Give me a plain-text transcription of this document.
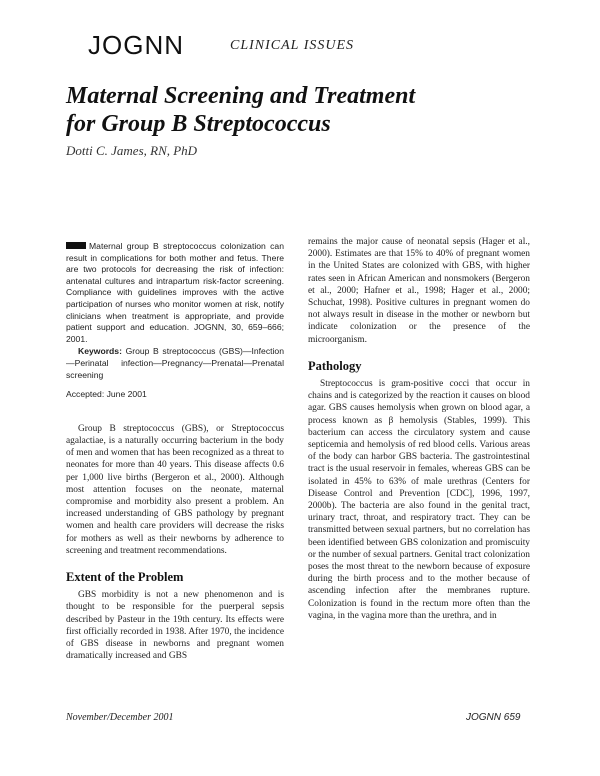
JOGNN	CLINICAL ISSUES
Maternal Screening and Treatment
for Group B Streptococcus
Dotti C. James, RN, PhD

Maternal group B streptococcus colonization can result in complications for both mother and fetus. There are two protocols for decreasing the risk of infection: antenatal cultures and intrapartum risk-factor screening. Compliance with guidelines improves with the active participation of nurses who monitor women at risk, notify clinicians when treatment is appropriate, and provide patient support and education. JOGNN, 30, 659–666; 2001.

Keywords: Group B streptococcus (GBS)—Infection—Perinatal infection—Pregnancy—Prenatal—Prenatal screening

Accepted: June 2001

Group B streptococcus (GBS), or Streptococcus agalactiae, is a naturally occurring bacterium in the body of men and women that has been recognized as a threat to neonates for more than 40 years. This disease affects 0.6 per 1,000 live births (Bergeron et al., 2000). Although most attention focuses on the neonate, maternal compromise and morbidity also present a problem. An increased understanding of GBS pathology by pregnant women and health care providers will decrease the risks for mothers as well as their newborns by adherence to screening and treatment recommendations.

Extent of the Problem

GBS morbidity is not a new phenomenon and is thought to be responsible for the puerperal sepsis described by Pasteur in the 19th century. Its effects were first officially recorded in 1938. After 1970, the incidence of GBS disease in newborns and pregnant women dramatically increased and GBS

remains the major cause of neonatal sepsis (Hager et al., 2000). Estimates are that 15% to 40% of pregnant women in the United States are colonized with GBS, with higher rates seen in African American and nonsmokers (Bergeron et al., 2000; Hafner et al., 1998; Hager et al., 2000; Schuchat, 1998). Positive cultures in pregnant women do not always result in disease in the mother or newborn but indicate colonization or the presence of the microorganism.

Pathology

Streptococcus is gram-positive cocci that occur in chains and is categorized by the reaction it causes on blood agar. GBS causes hemolysis when grown on blood agar, a process known as β hemolysis (Stables, 1999). This bacterium can access the circulatory system and cause septicemia and hemolysis of red blood cells. Various areas of the body can harbor GBS bacteria. The gastrointestinal tract is the usual reservoir in females, whereas GBS can be isolated in 45% to 63% of male urethras (Centers for Disease Control and Prevention [CDC], 1996, 1997, 2000b). The bacteria are also found in the genital tract, urinary tract, throat, and respiratory tract. They can be transmitted between sexual partners, but no correlation has been identified between GBS colonization and promiscuity or the number of sexual partners. Genital tract colonization poses the most threat to the newborn because of exposure during the birth process and to the mother because of ascending infection after the membranes rupture. Colonization is found in the rectum more often than the vagina, in the vagina more than the urethra, and in

November/December 2001	JOGNN 659
